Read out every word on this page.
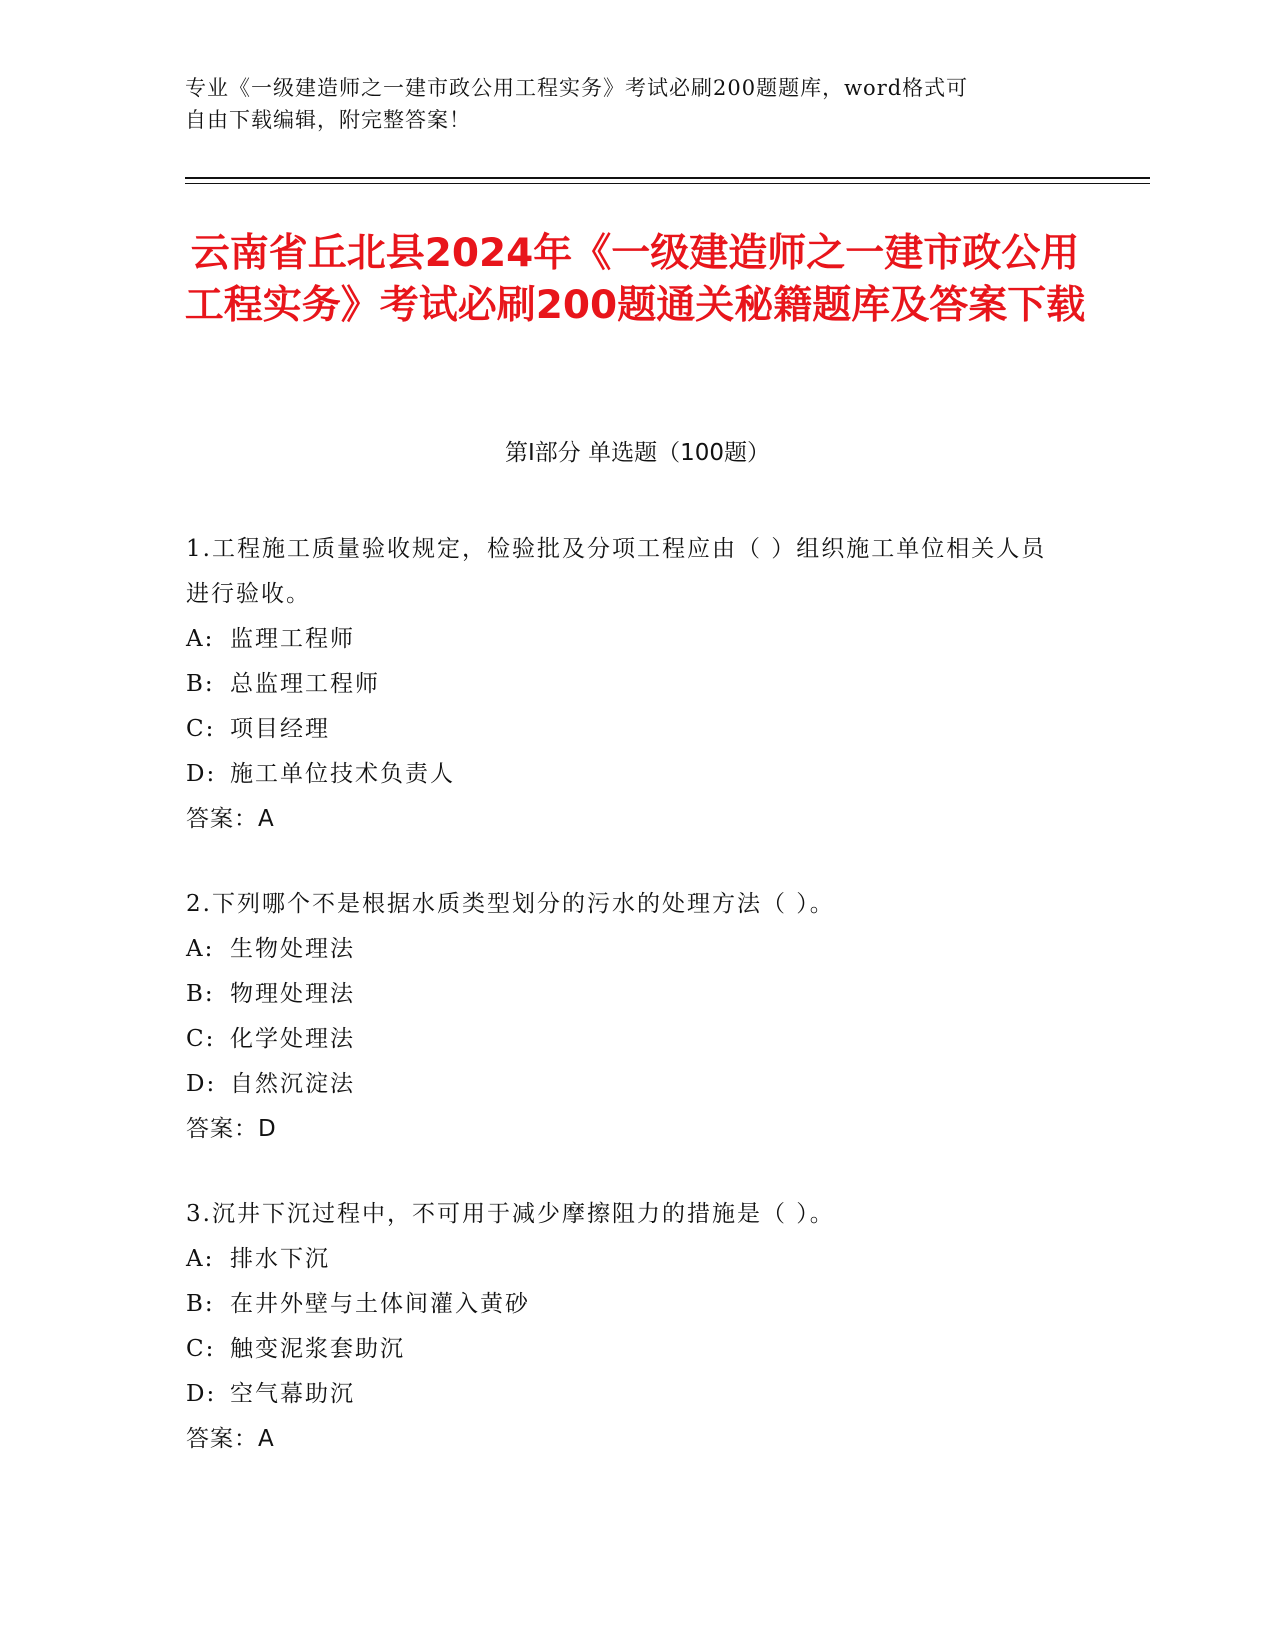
专业《一级建造师之一建市政公用工程实务》考试必刷200题题库，word格式可
自由下载编辑，附完整答案！
云南省丘北县2024年《一级建造师之一建市政公用工程实务》考试必刷200题通关秘籍题库及答案下载
第I部分 单选题（100题）

1.工程施工质量验收规定，检验批及分项工程应由（ ）组织施工单位相关人员进行验收。

A: 监理工程师
B: 总监理工程师
C: 项目经理
D: 施工单位技术负责人

答案：A

2.下列哪个不是根据水质类型划分的污水的处理方法（ ）。

A: 生物处理法
B: 物理处理法
C: 化学处理法
D: 自然沉淀法

答案：D

3.沉井下沉过程中，不可用于减少摩擦阻力的措施是（ ）。

A: 排水下沉
B: 在井外壁与土体间灌入黄砂
C: 触变泥浆套助沉
D: 空气幕助沉

答案：A
